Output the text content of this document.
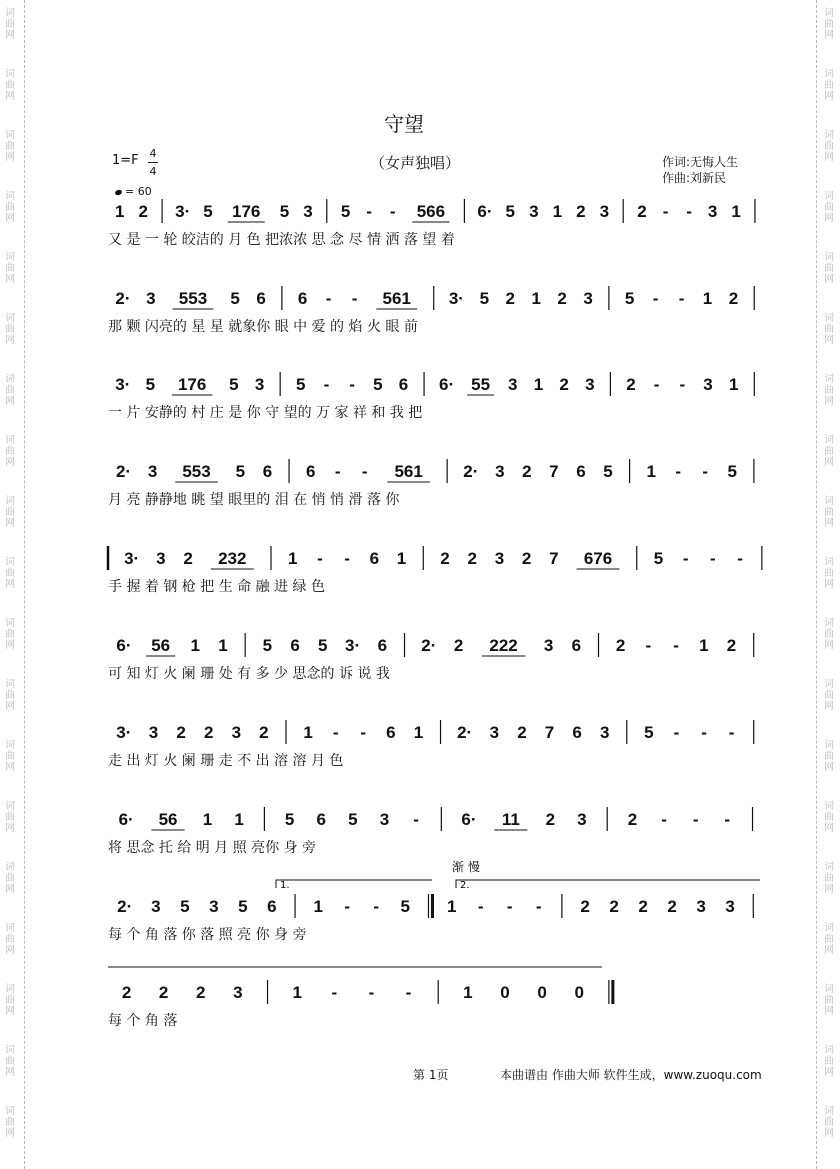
词
曲
网
词
曲
网
词
曲
网
词
曲
网
词
曲
网
词
曲
网
词
曲
网
词
曲
网
词
曲
网
词
曲
网
词
曲
网
词
曲
网
词
曲
网
词
曲
网
词
曲
网
词
曲
网
词
曲
网
词
曲
网
词
曲
网
词
曲
网
词
曲
网
词
曲
网
词
曲
网
词
曲
网
词
曲
网
词
曲
网
词
曲
网
词
曲
网
词
曲
网
词
曲
网
词
曲
网
词
曲
网
词
曲
网
词
曲
网
词
曲
网
词
曲
网
词
曲
网
词
曲
网
守望
1=F 4
4	（女声独唱）	作词:无悔人生
作曲:刘新民
= 60
1 2 3· 5 176 5 3 5 - - 566 6· 5 3 1 2 3 2 - - 3 1
又 是 一 轮 皎洁的 月 色 把浓浓 思 念 尽 情 洒 落 望 着
2· 3 553 5 6 6 - - 561 3· 5 2 1 2 3 5 - - 1 2
那 颗 闪亮的 星 星 就象你 眼 中 爱 的 焰 火 眼 前
3· 5 176 5 3 5 - - 5 6 6· 55 3 1 2 3 2 - - 3 1
一 片 安静的 村 庄 是 你 守 望的 万 家 祥 和 我 把
2· 3 553 5 6 6 - - 561 2· 3 2 7 6 5 1 - - 5
月 亮 静静地 眺 望 眼里的 泪 在 悄 悄 滑 落 你
3· 3 2 232 1 - - 6 1 2 2 3 2 7 676 5 - - -
手 握 着 钢 枪 把 生 命 融 进 绿 色
6· 56 1 1 5 6 5 3· 6 2· 2 222 3 6 2 - - 1 2
可 知 灯 火 阑 珊 处 有 多 少 思念的 诉 说 我
3· 3 2 2 3 2 1 - - 6 1 2· 3 2 7 6 3 5 - - -
走 出 灯 火 阑 珊 走 不 出 溶 溶 月 色
6· 56 1 1 5 6 5 3 -	6· 11 2 3 2 - - -
将 思念 托 给 明 月 照 亮你 身 旁
2· 3 5 3 5 6 1 - - 5 1 - - - 2 2 2 2 3 3
每 个 角 落 你 落 照 亮 你 身 旁
1.	2.
渐 慢
2 2 2 3	1 - - -	1 0 0 0
每 个 角 落
第 1页	本曲谱由 作曲大师 软件生成，www.zuoqu.com
